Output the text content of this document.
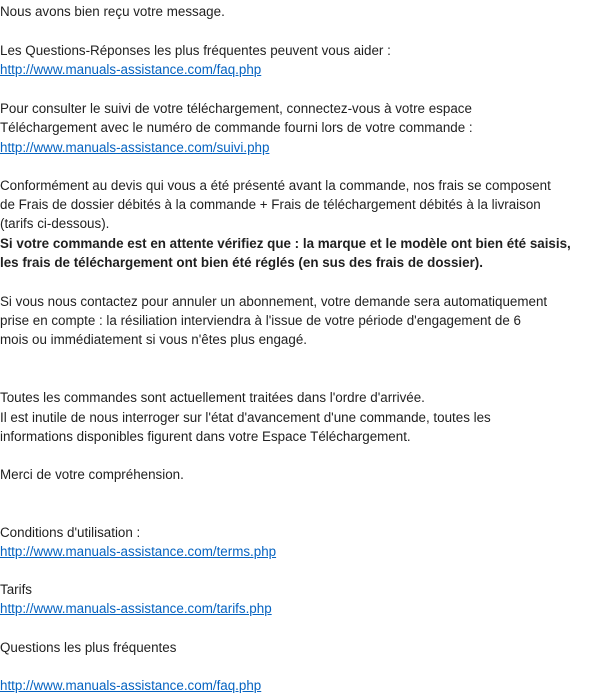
Nous avons bien reçu votre message.
Les Questions-Réponses les plus fréquentes peuvent vous aider :
http://www.manuals-assistance.com/faq.php
Pour consulter le suivi de votre téléchargement, connectez-vous à votre espace
Téléchargement avec le numéro de commande fourni lors de votre commande :
http://www.manuals-assistance.com/suivi.php
Conformément au devis qui vous a été présenté avant la commande, nos frais se composent
de Frais de dossier débités à la commande + Frais de téléchargement débités à la livraison
(tarifs ci-dessous).
Si votre commande est en attente vérifiez que : la marque et le modèle ont bien été saisis,
les frais de téléchargement ont bien été réglés (en sus des frais de dossier).
Si vous nous contactez pour annuler un abonnement, votre demande sera automatiquement
prise en compte : la résiliation interviendra à l'issue de votre période d'engagement de 6
mois ou immédiatement si vous n'êtes plus engagé.
Toutes les commandes sont actuellement traitées dans l'ordre d'arrivée.
Il est inutile de nous interroger sur l'état d'avancement d'une commande, toutes les
informations disponibles figurent dans votre Espace Téléchargement.
Merci de votre compréhension.
Conditions d'utilisation :
http://www.manuals-assistance.com/terms.php
Tarifs
http://www.manuals-assistance.com/tarifs.php
Questions les plus fréquentes
http://www.manuals-assistance.com/faq.php
